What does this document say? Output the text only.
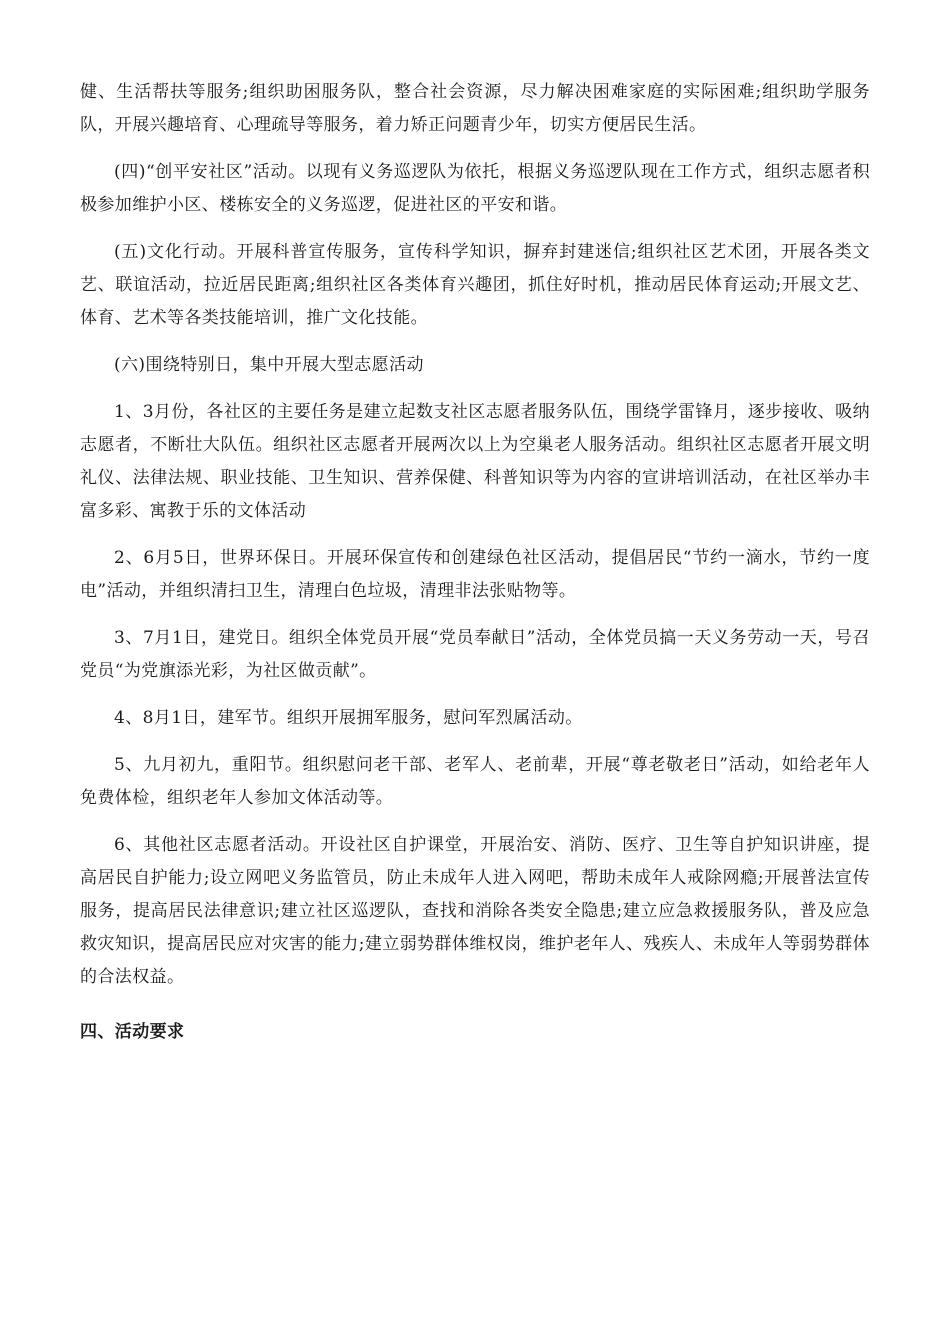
健、生活帮扶等服务;组织助困服务队，整合社会资源，尽力解决困难家庭的实际困难;组织助学服务队，开展兴趣培育、心理疏导等服务，着力矫正问题青少年，切实方便居民生活。

(四)“创平安社区”活动。以现有义务巡逻队为依托，根据义务巡逻队现在工作方式，组织志愿者积极参加维护小区、楼栋安全的义务巡逻，促进社区的平安和谐。

(五)文化行动。开展科普宣传服务，宣传科学知识，摒弃封建迷信;组织社区艺术团，开展各类文艺、联谊活动，拉近居民距离;组织社区各类体育兴趣团，抓住好时机，推动居民体育运动;开展文艺、体育、艺术等各类技能培训，推广文化技能。

(六)围绕特别日，集中开展大型志愿活动

1、3月份，各社区的主要任务是建立起数支社区志愿者服务队伍，围绕学雷锋月，逐步接收、吸纳志愿者，不断壮大队伍。组织社区志愿者开展两次以上为空巢老人服务活动。组织社区志愿者开展文明礼仪、法律法规、职业技能、卫生知识、营养保健、科普知识等为内容的宣讲培训活动，在社区举办丰富多彩、寓教于乐的文体活动

2、6月5日，世界环保日。开展环保宣传和创建绿色社区活动，提倡居民“节约一滴水，节约一度电”活动，并组织清扫卫生，清理白色垃圾，清理非法张贴物等。

3、7月1日，建党日。组织全体党员开展“党员奉献日”活动，全体党员搞一天义务劳动一天，号召党员“为党旗添光彩，为社区做贡献”。

4、8月1日，建军节。组织开展拥军服务，慰问军烈属活动。

5、九月初九，重阳节。组织慰问老干部、老军人、老前辈，开展“尊老敬老日”活动，如给老年人免费体检，组织老年人参加文体活动等。

6、其他社区志愿者活动。开设社区自护课堂，开展治安、消防、医疗、卫生等自护知识讲座，提高居民自护能力;设立网吧义务监管员，防止未成年人进入网吧，帮助未成年人戒除网瘾;开展普法宣传服务，提高居民法律意识;建立社区巡逻队，查找和消除各类安全隐患;建立应急救援服务队，普及应急救灾知识，提高居民应对灾害的能力;建立弱势群体维权岗，维护老年人、残疾人、未成年人等弱势群体的合法权益。

四、活动要求
